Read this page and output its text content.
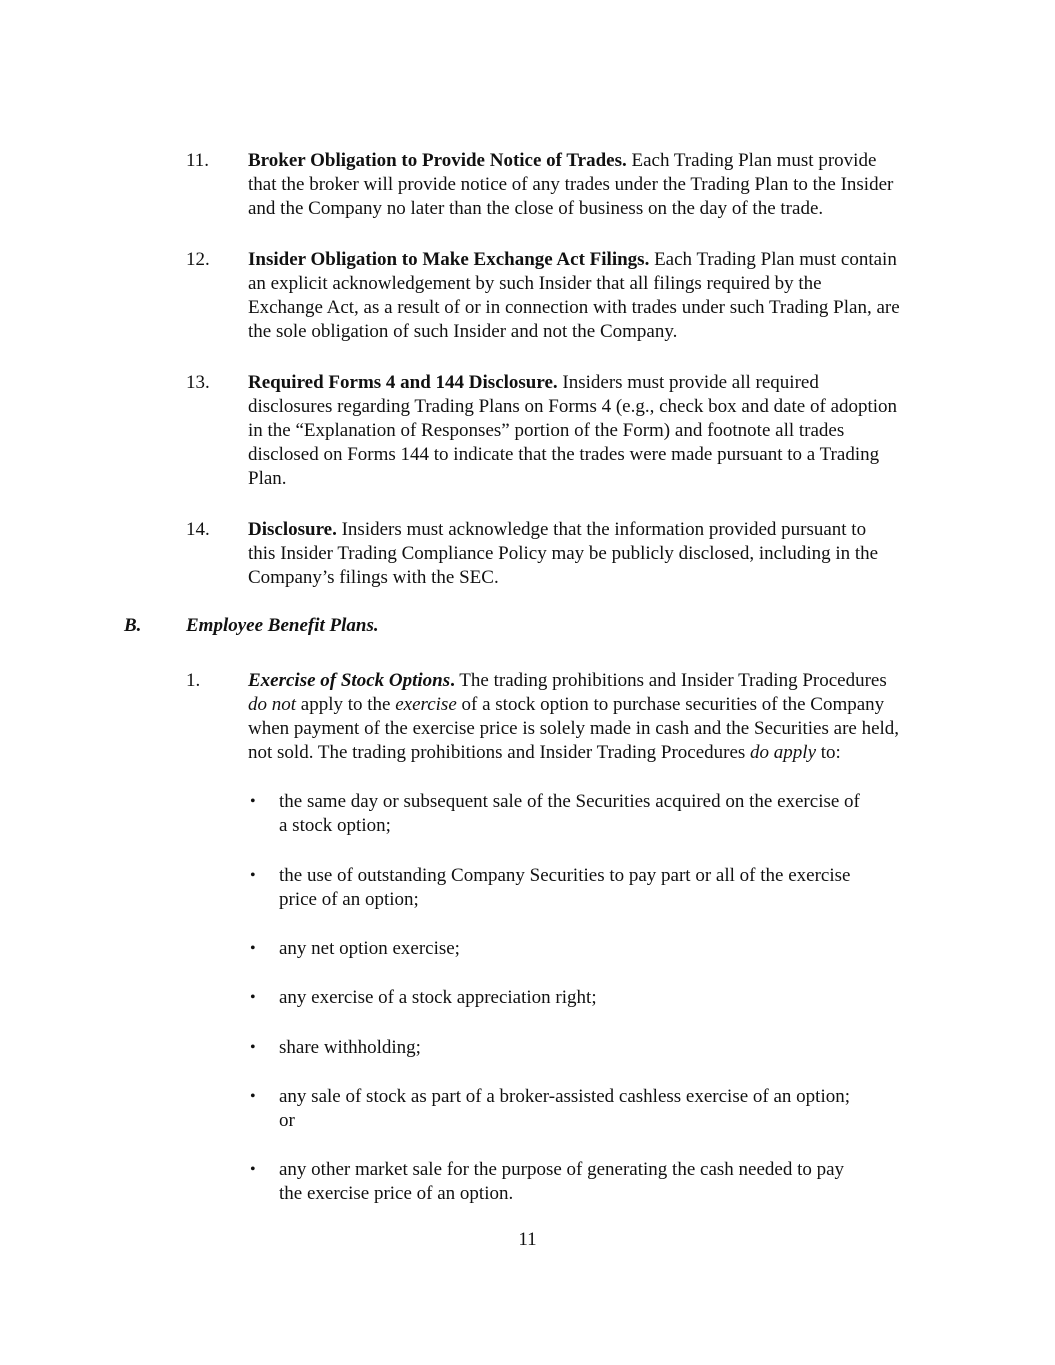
11. Broker Obligation to Provide Notice of Trades. Each Trading Plan must provide

that the broker will provide notice of any trades under the Trading Plan to the Insider

and the Company no later than the close of business on the day of the trade.

12. Insider Obligation to Make Exchange Act Filings. Each Trading Plan must contain

an explicit acknowledgement by such Insider that all filings required by the

Exchange Act, as a result of or in connection with trades under such Trading Plan, are

the sole obligation of such Insider and not the Company.

13. Required Forms 4 and 144 Disclosure. Insiders must provide all required

disclosures regarding Trading Plans on Forms 4 (e.g., check box and date of adoption

in the “Explanation of Responses” portion of the Form) and footnote all trades

disclosed on Forms 144 to indicate that the trades were made pursuant to a Trading

Plan.

14. Disclosure. Insiders must acknowledge that the information provided pursuant to

this Insider Trading Compliance Policy may be publicly disclosed, including in the

Company’s filings with the SEC.

B. Employee Benefit Plans.
1.	Exercise of Stock Options. The trading prohibitions and Insider Trading Procedures

do not apply to the exercise of a stock option to purchase securities of the Company

when payment of the exercise price is solely made in cash and the Securities are held,

not sold. The trading prohibitions and Insider Trading Procedures do apply to:

• the same day or subsequent sale of the Securities acquired on the exercise of
a stock option;
• the use of outstanding Company Securities to pay part or all of the exercise
price of an option;
• any net option exercise;
• any exercise of a stock appreciation right;
• share withholding;
• any sale of stock as part of a broker-assisted cashless exercise of an option;
or
• any other market sale for the purpose of generating the cash needed to pay
the exercise price of an option.
11
